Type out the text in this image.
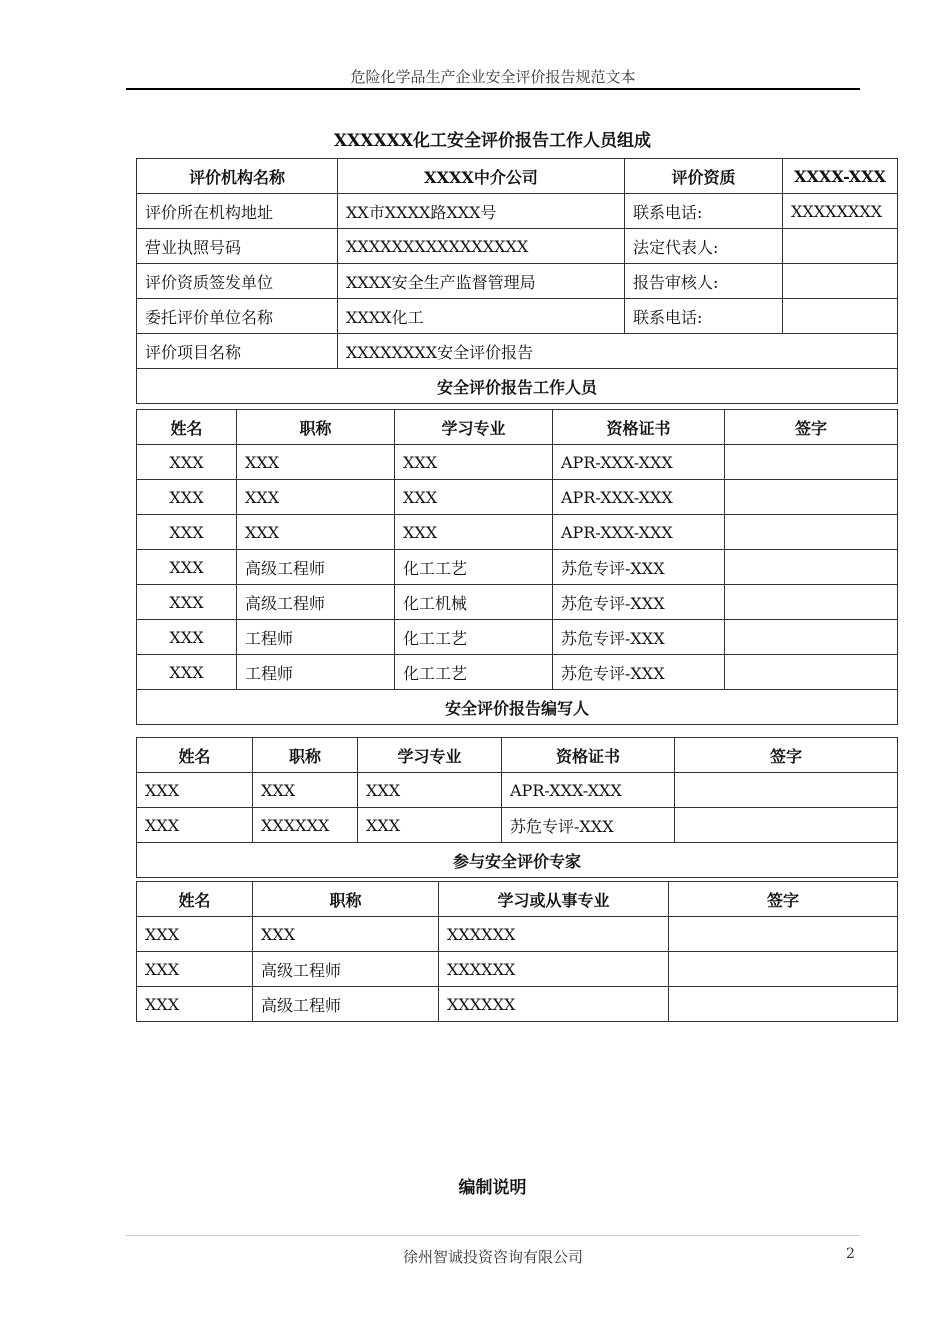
危险化学品生产企业安全评价报告规范文本
XXXXXX化工安全评价报告工作人员组成
评价机构名称	XXXX中介公司	评价资质	XXXX-XXX
评价所在机构地址	XX市XXXX路XXX号	联系电话:	XXXXXXXX
营业执照号码	XXXXXXXXXXXXXXXX	法定代表人:	
评价资质签发单位	XXXX安全生产监督管理局	报告审核人:	
委托评价单位名称	XXXX化工	联系电话:	
评价项目名称	XXXXXXXX安全评价报告		
安全评价报告工作人员			
姓名	职称	学习专业	资格证书	签字
XXX	XXX	XXX	APR-XXX-XXX	
XXX	XXX	XXX	APR-XXX-XXX	
XXX	XXX	XXX	APR-XXX-XXX	
XXX	高级工程师	化工工艺	苏危专评-XXX	
XXX	高级工程师	化工机械	苏危专评-XXX	
XXX	工程师	化工工艺	苏危专评-XXX	
XXX	工程师	化工工艺	苏危专评-XXX	
安全评价报告编写人				
姓名	职称	学习专业	资格证书	签字
XXX	XXX	XXX	APR-XXX-XXX	
XXX	XXXXXX	XXX	苏危专评-XXX	
参与安全评价专家				
姓名	职称	学习或从事专业	签字
XXX	XXX	XXXXXX	
XXX	高级工程师	XXXXXX	
XXX	高级工程师	XXXXXX	
编制说明
徐州智诚投资咨询有限公司	2
